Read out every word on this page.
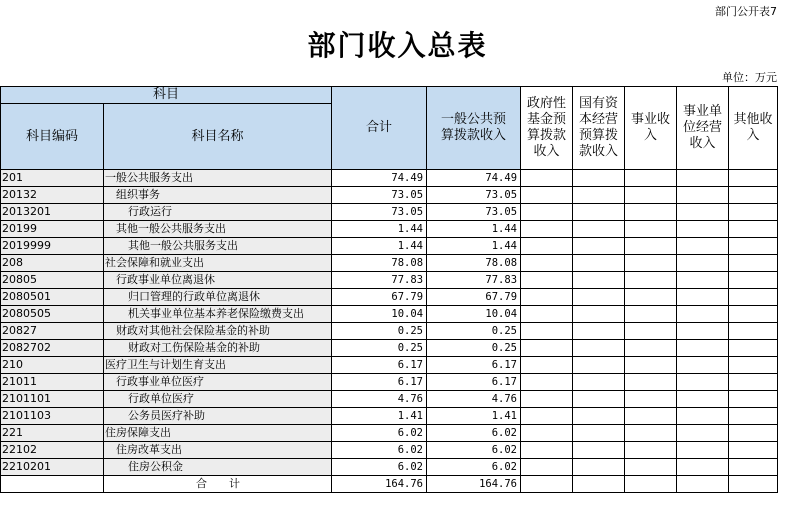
部门公开表7
部门收入总表
单位：万元
科目		合计	一般公共预算拨款收入	政府性基金预算拨款收入	国有资本经营预算拨款收入	事业收入	事业单位经营收入	其他收入
科目编码	科目名称							
201	一般公共服务支出	74.49	74.49					
20132	组织事务	73.05	73.05					
2013201	行政运行	73.05	73.05					
20199	其他一般公共服务支出	1.44	1.44					
2019999	其他一般公共服务支出	1.44	1.44					
208	社会保障和就业支出	78.08	78.08					
20805	行政事业单位离退休	77.83	77.83					
2080501	归口管理的行政单位离退休	67.79	67.79					
2080505	机关事业单位基本养老保险缴费支出	10.04	10.04					
20827	财政对其他社会保险基金的补助	0.25	0.25					
2082702	财政对工伤保险基金的补助	0.25	0.25					
210	医疗卫生与计划生育支出	6.17	6.17					
21011	行政事业单位医疗	6.17	6.17					
2101101	行政单位医疗	4.76	4.76					
2101103	公务员医疗补助	1.41	1.41					
221	住房保障支出	6.02	6.02					
22102	住房改革支出	6.02	6.02					
2210201	住房公积金	6.02	6.02					
	合　　计	164.76	164.76					
